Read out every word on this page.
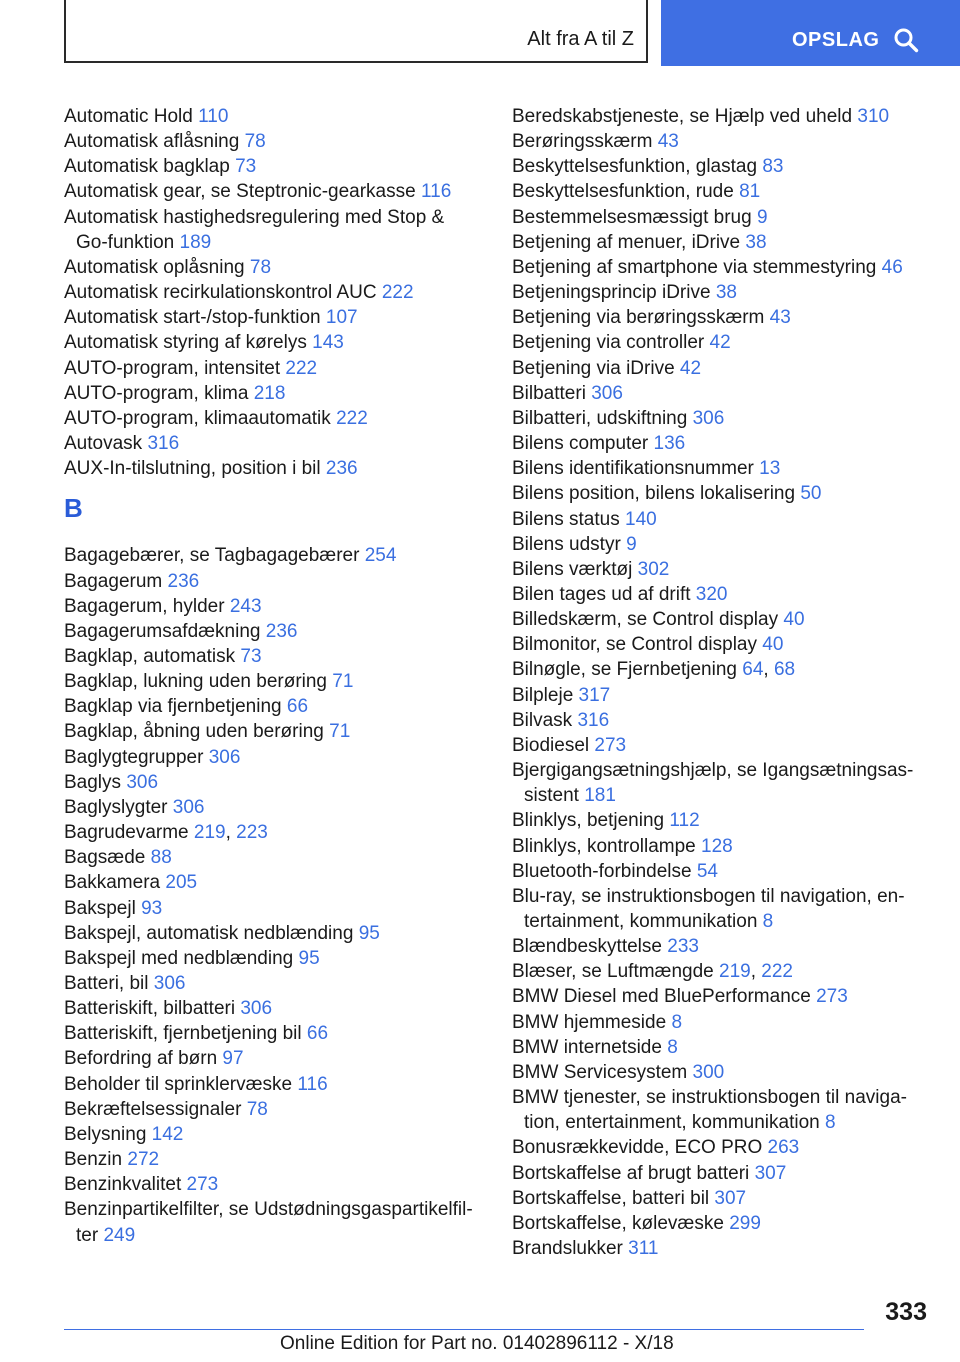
Alt fra A til Z	OPSLAG
Automatic Hold 110
Automatisk aflåsning 78
Automatisk bagklap 73
Automatisk gear, se Steptronic-gearkasse 116
Automatisk hastighedsregulering med Stop & Go-funktion 189
Automatisk oplåsning 78
Automatisk recirkulationskontrol AUC 222
Automatisk start-/stop-funktion 107
Automatisk styring af kørelys 143
AUTO-program, intensitet 222
AUTO-program, klima 218
AUTO-program, klimaautomatik 222
Autovask 316
AUX-In-tilslutning, position i bil 236
B
Bagagebærer, se Tagbagagebærer 254
Bagagerum 236
Bagagerum, hylder 243
Bagagerumsafdækning 236
Bagklap, automatisk 73
Bagklap, lukning uden berøring 71
Bagklap via fjernbetjening 66
Bagklap, åbning uden berøring 71
Baglygtegrupper 306
Baglys 306
Baglyslygter 306
Bagrudevarme 219, 223
Bagsæde 88
Bakkamera 205
Bakspejl 93
Bakspejl, automatisk nedblænding 95
Bakspejl med nedblænding 95
Batteri, bil 306
Batteriskift, bilbatteri 306
Batteriskift, fjernbetjening bil 66
Befordring af børn 97
Beholder til sprinklervæske 116
Bekræftelsessignaler 78
Belysning 142
Benzin 272
Benzinkvalitet 273
Benzinpartikelfilter, se Udstødningsgaspartikelfilter 249
Beredskabstjeneste, se Hjælp ved uheld 310
Berøringsskærm 43
Beskyttelsesfunktion, glastag 83
Beskyttelsesfunktion, rude 81
Bestemmelsesmæssigt brug 9
Betjening af menuer, iDrive 38
Betjening af smartphone via stemmestyring 46
Betjeningsprincip iDrive 38
Betjening via berøringsskærm 43
Betjening via controller 42
Betjening via iDrive 42
Bilbatteri 306
Bilbatteri, udskiftning 306
Bilens computer 136
Bilens identifikationsnummer 13
Bilens position, bilens lokalisering 50
Bilens status 140
Bilens udstyr 9
Bilens værktøj 302
Bilen tages ud af drift 320
Billedskærm, se Control display 40
Bilmonitor, se Control display 40
Bilnøgle, se Fjernbetjening 64, 68
Bilpleje 317
Bilvask 316
Biodiesel 273
Bjergigangsætningshjælp, se Igangsætningsassistent 181
Blinklys, betjening 112
Blinklys, kontrollampe 128
Bluetooth-forbindelse 54
Blu-ray, se instruktionsbogen til navigation, entertainment, kommunikation 8
Blændbeskyttelse 233
Blæser, se Luftmængde 219, 222
BMW Diesel med BluePerformance 273
BMW hjemmeside 8
BMW internetside 8
BMW Servicesystem 300
BMW tjenester, se instruktionsbogen til navigation, entertainment, kommunikation 8
Bonusrækkevidde, ECO PRO 263
Bortskaffelse af brugt batteri 307
Bortskaffelse, batteri bil 307
Bortskaffelse, kølevæske 299
Brandslukker 311
333
Online Edition for Part no. 01402896112 - X/18
